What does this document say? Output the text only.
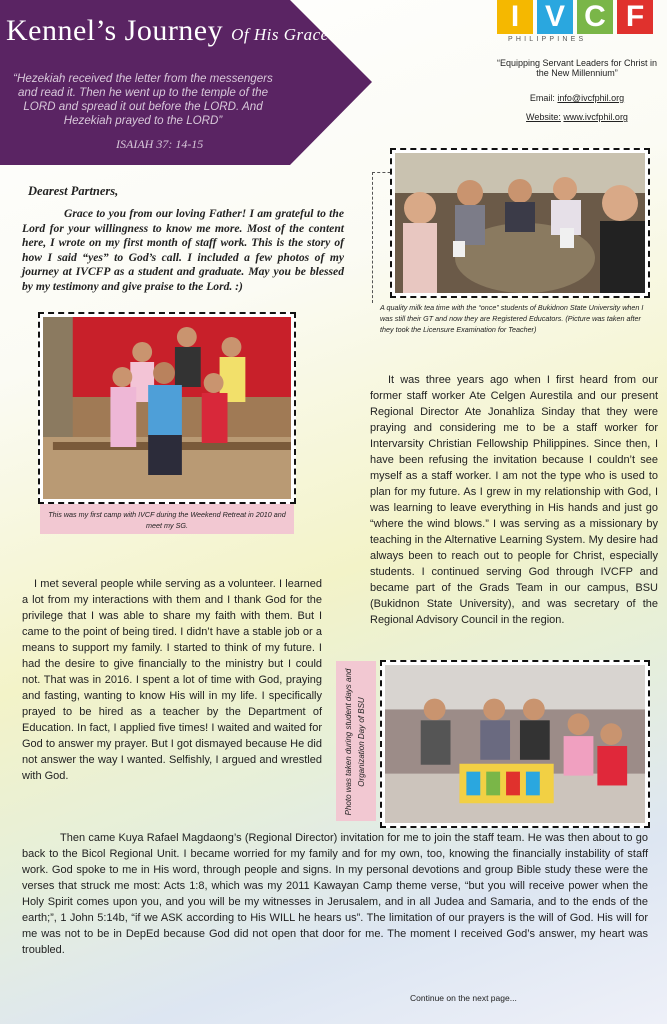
Kennel’s Journey Of His Grace
“Hezekiah received the letter from the messengers and read it. Then he went up to the temple of the LORD and spread it out before the LORD. And Hezekiah prayed to the LORD”
ISAIAH 37: 14-15
I V C F
PHILIPPINES
“Equipping Servant Leaders for Christ in the New Millennium”
Email: info@ivcfphil.org
Website: www.ivcfphil.org
Dearest Partners,
Grace to you from our loving Father! I am grateful to the Lord for your willingness to know me more. Most of the content here, I wrote on my first month of staff work. This is the story of how I said “yes” to God’s call. I included a few photos of my journey at IVCFP as a student and graduate. May you be blessed by my testimony and give praise to the Lord. :)
A quality milk tea time with the “once” students of Bukidnon State University when I was still their GT and now they are Registered Educators. (Picture was taken after they took the Licensure Examination for Teacher)
This was my first camp with IVCF during the Weekend Retreat in 2010 and meet my SG.
It was three years ago when I first heard from our former staff worker Ate Celgen Aurestila and our present Regional Director Ate Jonahliza Sinday that they were praying and considering me to be a staff worker for Intervarsity Christian Fellowship Philippines. Since then, I have been refusing the invitation because I couldn’t see myself as a staff worker. I am not the type who is used to plan for my future. As I grew in my relationship with God, I was learning to leave everything in His hands and just go “where the wind blows.” I was serving as a missionary by teaching in the Alternative Learning System. My desire had always been to reach out to people for Christ, especially students. I continued serving God through IVCFP and became part of the Grads Team in our campus, BSU (Bukidnon State University), and was secretary of the Regional Advisory Council in the region.
I met several people while serving as a volunteer. I learned a lot from my interactions with them and I thank God for the privilege that I was able to share my faith with them. But I came to the point of being tired. I didn’t have a stable job or a means to support my family. I started to think of my future. I had the desire to give financially to the ministry but I could not. That was in 2016. I spent a lot of time with God, praying and fasting, wanting to know His will in my life. I specifically prayed to be hired as a teacher by the Department of Education. In fact, I applied five times! I waited and waited for God to answer my prayer. But I got dismayed because He did not answer the way I wanted. Selfishly, I argued and wrestled with God.	Photo was taken during student days and Organization Day of BSU
Then came Kuya Rafael Magdaong’s (Regional Director) invitation for me to join the staff team. He was then about to go back to the Bicol Regional Unit. I became worried for my family and for my own, too, knowing the financially instability of staff work. God spoke to me in His word, through people and signs. In my personal devotions and group Bible study these were the verses that struck me most: Acts 1:8, which was my 2011 Kawayan Camp theme verse, “but you will receive power when the Holy Spirit comes upon you, and you will be my witnesses in Jerusalem, and in all Judea and Samaria, and to the ends of the earth;”, 1 John 5:14b, “if we ASK according to His WILL he hears us”. The limitation of our prayers is the will of God. His will for me was not to be in DepEd because God did not open that door for me. The moment I received God’s answer, my heart was troubled.
Continue on the next page...
